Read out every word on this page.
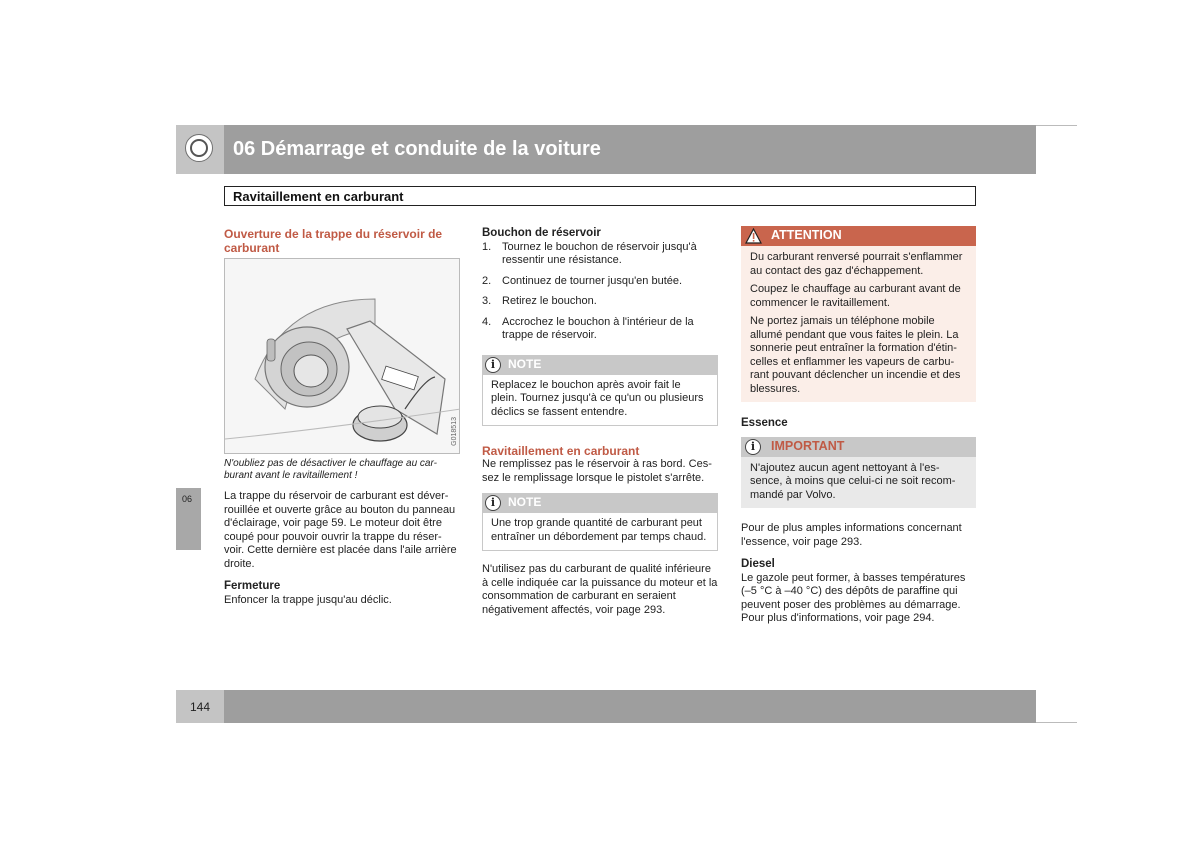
06 Démarrage et conduite de la voiture
Ravitaillement en carburant
06

Ouverture de la trappe du réservoir de carburant

G018513

N'oubliez pas de désactiver le chauffage au car-burant avant le ravitaillement !

La trappe du réservoir de carburant est déver-rouillée et ouverte grâce au bouton du panneau d'éclairage, voir page 59. Le moteur doit être coupé pour pouvoir ouvrir la trappe du réser-voir. Cette dernière est placée dans l'aile arrière droite.

Fermeture

Enfoncer la trappe jusqu'au déclic.

Bouchon de réservoir

1. Tournez le bouchon de réservoir jusqu'à ressentir une résistance.
2. Continuez de tourner jusqu'en butée.
3. Retirez le bouchon.
4. Accrochez le bouchon à l'intérieur de la trappe de réservoir.
i	NOTE

Replacez le bouchon après avoir fait le plein. Tournez jusqu'à ce qu'un ou plusieurs déclics se fassent entendre.

Ravitaillement en carburant

Ne remplissez pas le réservoir à ras bord. Ces-sez le remplissage lorsque le pistolet s'arrête.

i	NOTE

Une trop grande quantité de carburant peut entraîner un débordement par temps chaud.

N'utilisez pas du carburant de qualité inférieure à celle indiquée car la puissance du moteur et la consommation de carburant en seraient négativement affectés, voir page 293.

ATTENTION

Du carburant renversé pourrait s'enflammer au contact des gaz d'échappement.

Coupez le chauffage au carburant avant de commencer le ravitaillement.

Ne portez jamais un téléphone mobile allumé pendant que vous faites le plein. La sonnerie peut entraîner la formation d'étin-celles et enflammer les vapeurs de carbu-rant pouvant déclencher un incendie et des blessures.

Essence

i	IMPORTANT

N'ajoutez aucun agent nettoyant à l'es-sence, à moins que celui-ci ne soit recom-mandé par Volvo.

Pour de plus amples informations concernant l'essence, voir page 293.

Diesel

Le gazole peut former, à basses températures (–5 °C à –40 °C) des dépôts de paraffine qui peuvent poser des problèmes au démarrage. Pour plus d'informations, voir page 294.

144
